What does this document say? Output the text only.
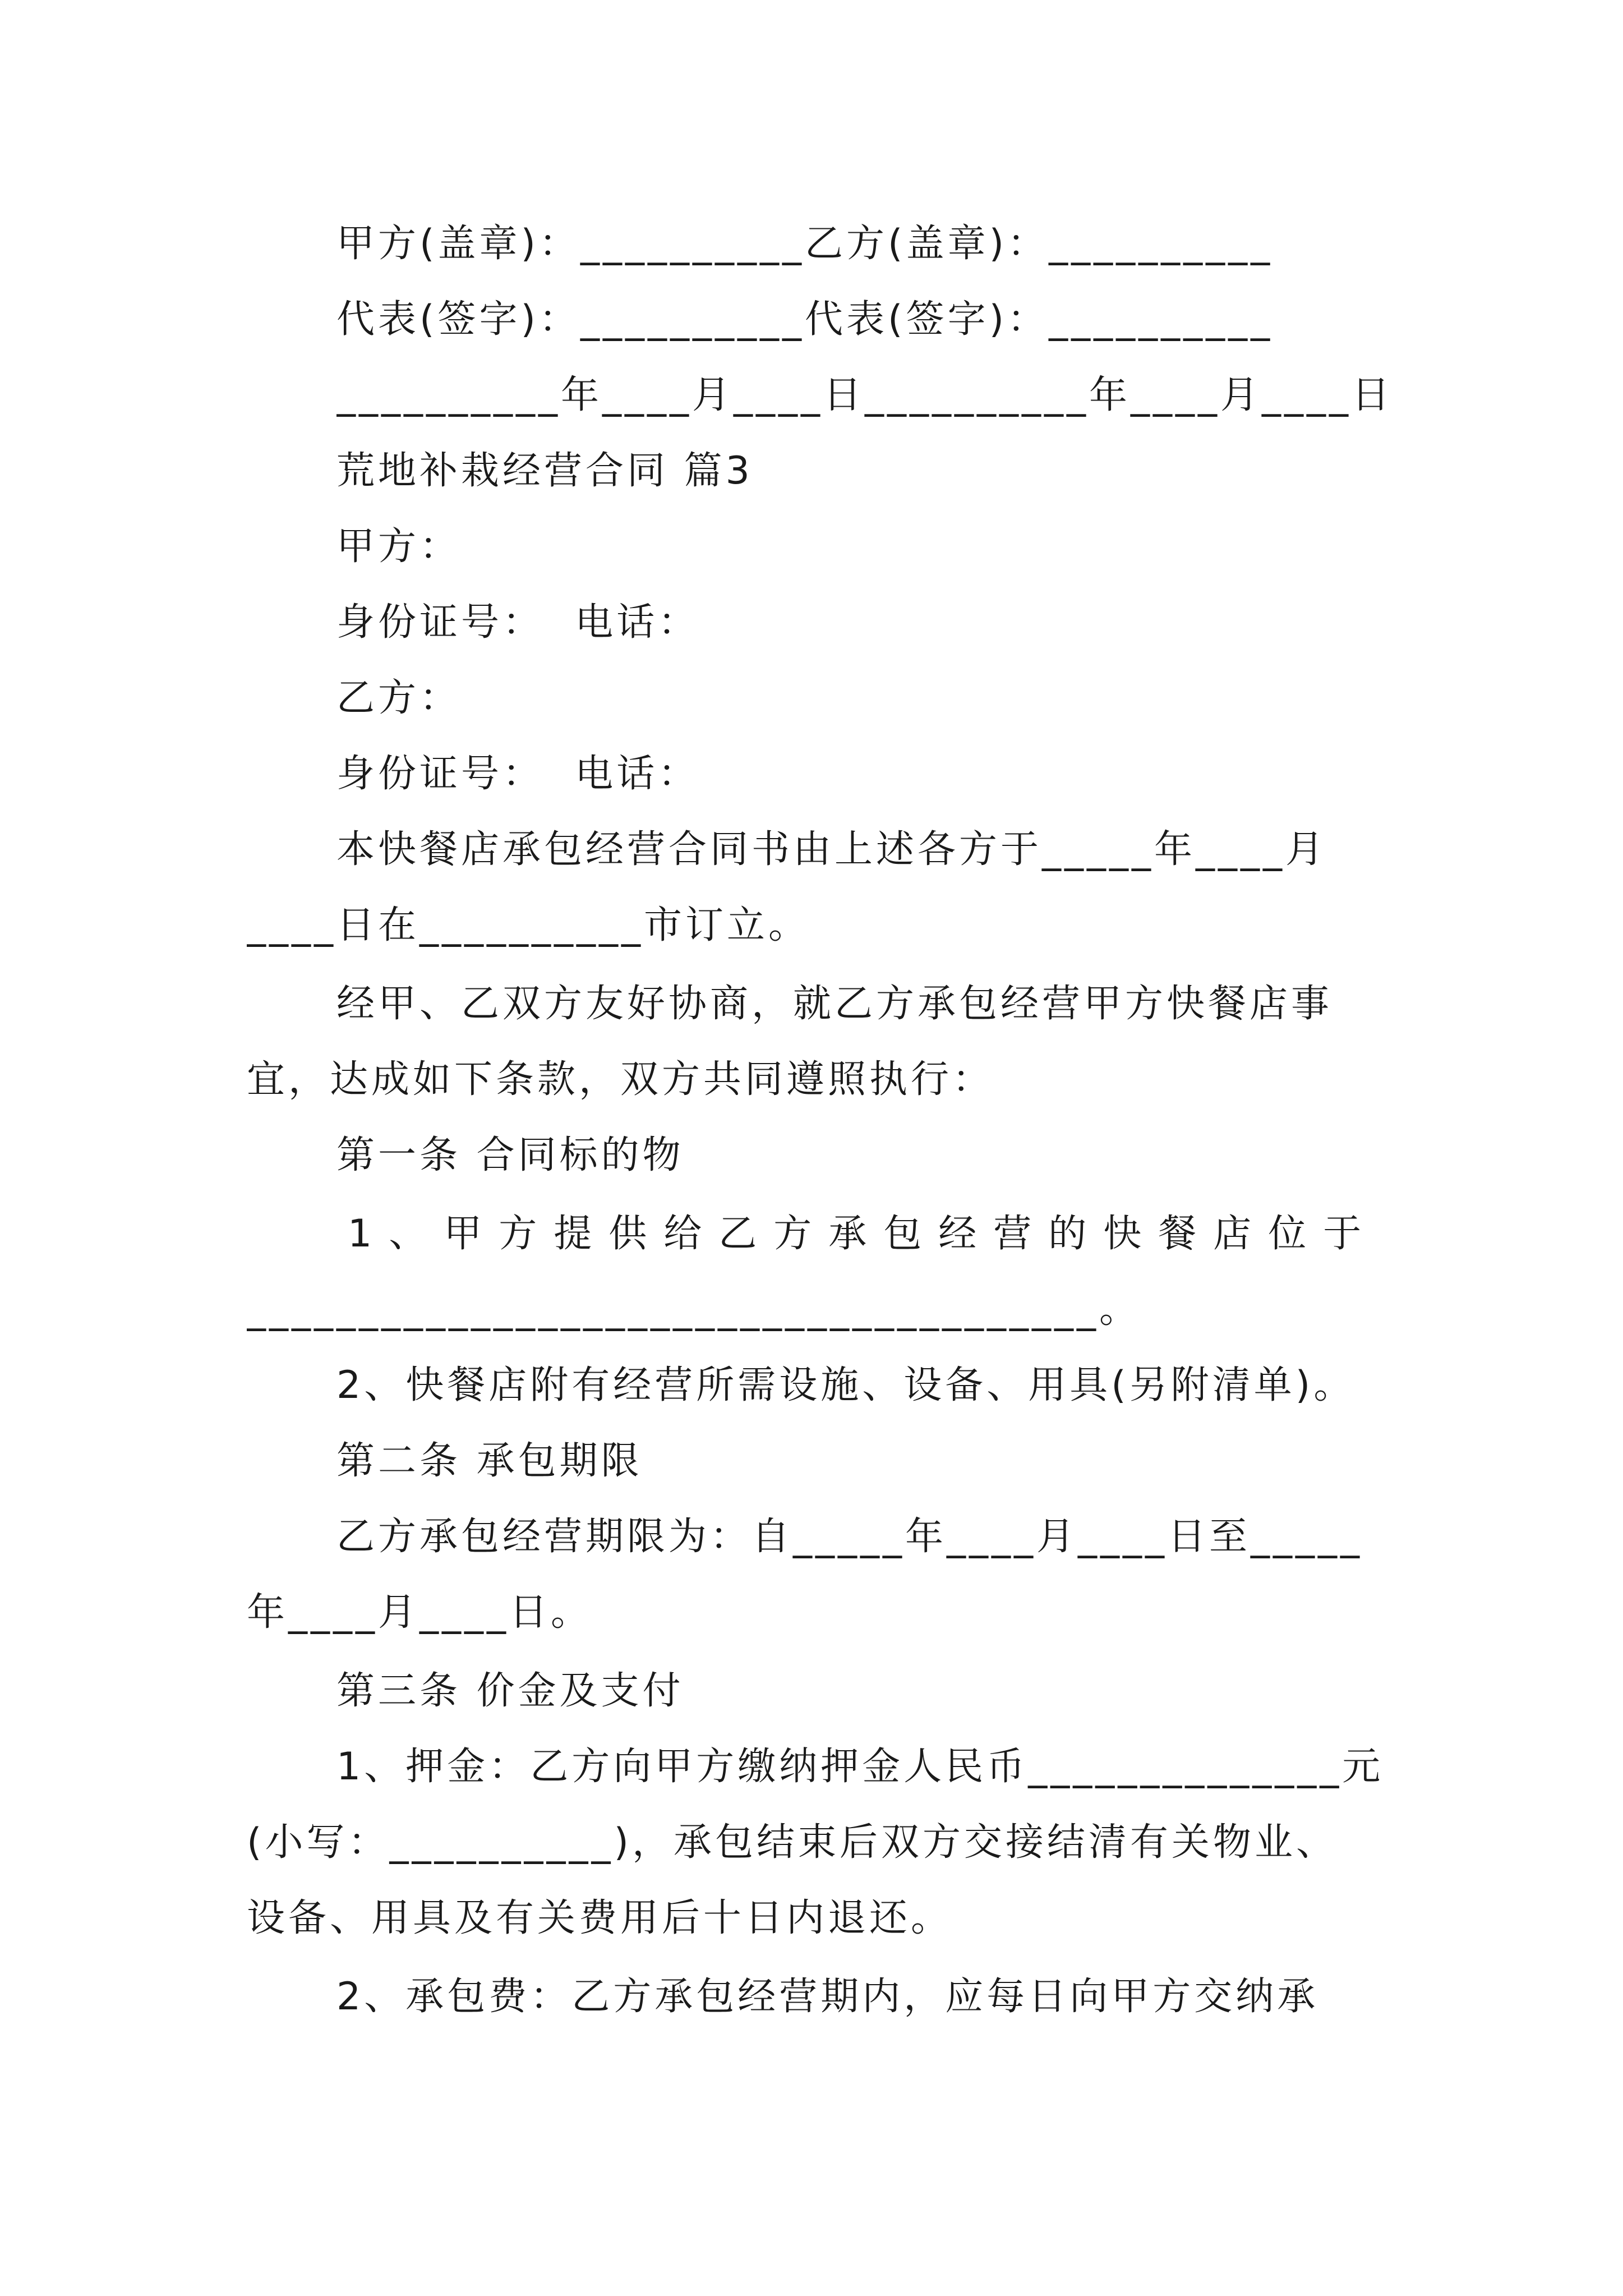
甲方(盖章)：__________乙方(盖章)：__________
代表(签字)：__________代表(签字)：__________
__________年____月____日__________年____月____日
荒地补栽经营合同 篇3
甲方：
身份证号：  电话：
乙方：
身份证号：  电话：
本快餐店承包经营合同书由上述各方于_____年____月
____日在__________市订立。
经甲、乙双方友好协商，就乙方承包经营甲方快餐店事
宜，达成如下条款，双方共同遵照执行：
第一条 合同标的物
1、甲方提供给乙方承包经营的快餐店位于
______________________________________。
2、快餐店附有经营所需设施、设备、用具(另附清单)。
第二条 承包期限
乙方承包经营期限为：自_____年____月____日至_____
年____月____日。
第三条 价金及支付
1、押金：乙方向甲方缴纳押金人民币______________元
(小写：__________)，承包结束后双方交接结清有关物业、
设备、用具及有关费用后十日内退还。
2、承包费：乙方承包经营期内，应每日向甲方交纳承
